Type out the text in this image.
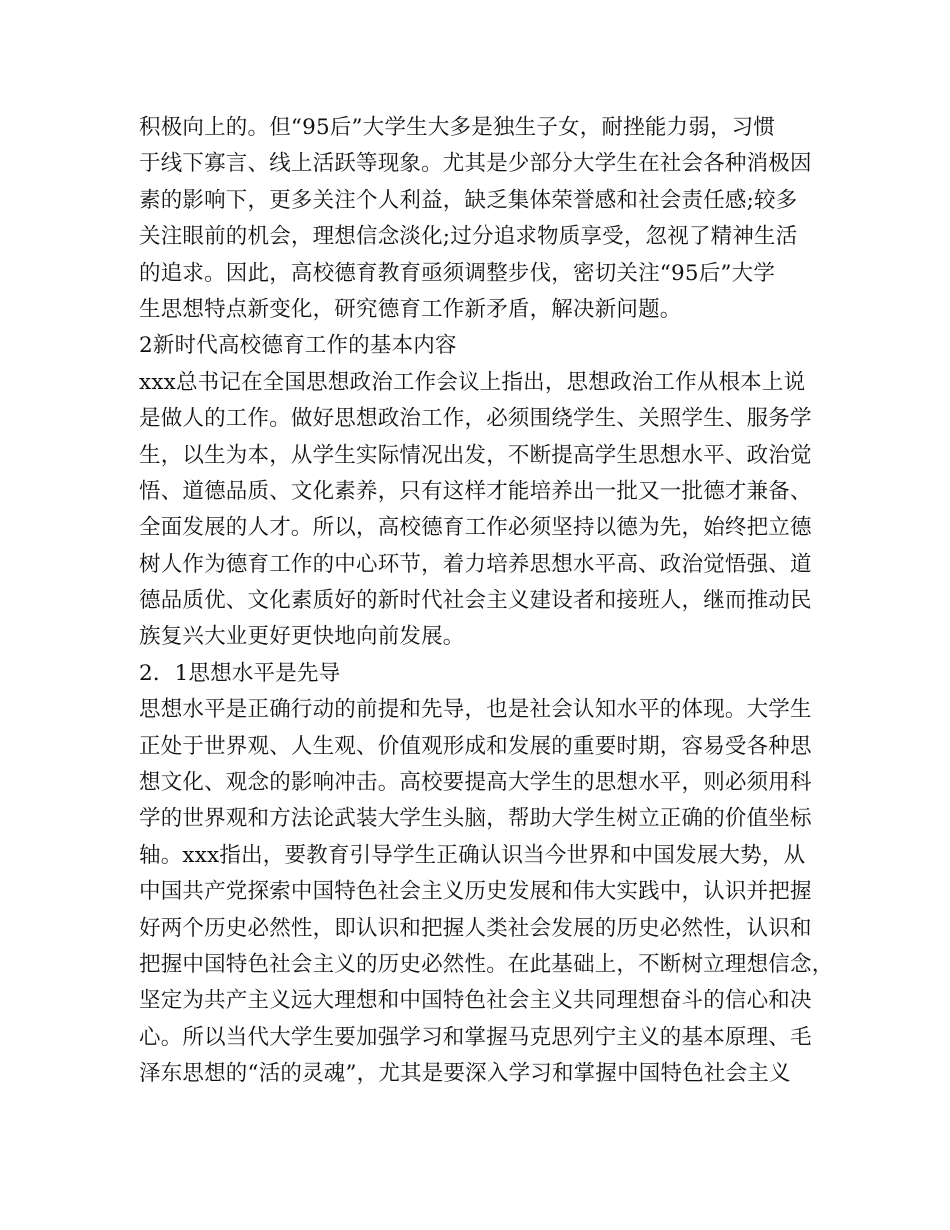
积极向上的。但“95后”大学生大多是独生子女，耐挫能力弱，习惯
于线下寡言、线上活跃等现象。尤其是少部分大学生在社会各种消极因
素的影响下，更多关注个人利益，缺乏集体荣誉感和社会责任感;较多
关注眼前的机会，理想信念淡化;过分追求物质享受，忽视了精神生活
的追求。因此，高校德育教育亟须调整步伐，密切关注“95后”大学
生思想特点新变化，研究德育工作新矛盾，解决新问题。
2新时代高校德育工作的基本内容
xxx总书记在全国思想政治工作会议上指出，思想政治工作从根本上说
是做人的工作。做好思想政治工作，必须围绕学生、关照学生、服务学
生，以生为本，从学生实际情况出发，不断提高学生思想水平、政治觉
悟、道德品质、文化素养，只有这样才能培养出一批又一批德才兼备、
全面发展的人才。所以，高校德育工作必须坚持以德为先，始终把立德
树人作为德育工作的中心环节，着力培养思想水平高、政治觉悟强、道
德品质优、文化素质好的新时代社会主义建设者和接班人，继而推动民
族复兴大业更好更快地向前发展。
2．1思想水平是先导
思想水平是正确行动的前提和先导，也是社会认知水平的体现。大学生
正处于世界观、人生观、价值观形成和发展的重要时期，容易受各种思
想文化、观念的影响冲击。高校要提高大学生的思想水平，则必须用科
学的世界观和方法论武装大学生头脑，帮助大学生树立正确的价值坐标
轴。xxx指出，要教育引导学生正确认识当今世界和中国发展大势，从
中国共产党探索中国特色社会主义历史发展和伟大实践中，认识并把握
好两个历史必然性，即认识和把握人类社会发展的历史必然性，认识和
把握中国特色社会主义的历史必然性。在此基础上，不断树立理想信念，
坚定为共产主义远大理想和中国特色社会主义共同理想奋斗的信心和决
心。所以当代大学生要加强学习和掌握马克思列宁主义的基本原理、毛
泽东思想的“活的灵魂”，尤其是要深入学习和掌握中国特色社会主义
